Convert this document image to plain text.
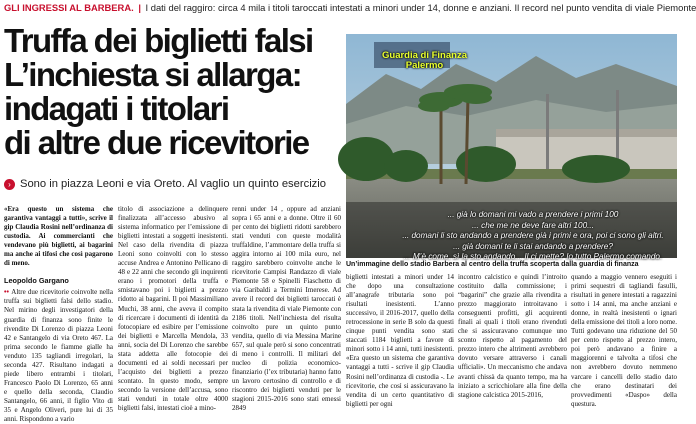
GLI INGRESSI AL BARBERA. | I dati del raggiro: circa 4 mila i titoli taroccati intestati a minori under 14, donne e anziani. Il record nel punto vendita di viale Piemonte
Truffa dei biglietti falsi
L’inchiesta si allarga:
indagati i titolari
di altre due ricevitorie
› Sono in piazza Leoni e via Oreto. Al vaglio un quinto esercizio
Guardia di Finanza
Palermo
... già lo domani mi vado a prendere i primi 100
... che me ne deve fare altri 100...
... domani li sto andando a prendere già i primi e ora, poi ci sono gli altri.
... già domani te li stai andando a prendere?
... M’è come, sì la sto andando... Il ci mette? Io tutto Palermo comando.
Un’immagine dello stadio Barbera al centro della truffa scoperta dalla guardia di finanza

«Era questo un sistema che garantiva vantaggi a tutti», scrive il gip Claudia Rosini nell’ordinanza di custodia. Ai commercianti che vendevano più biglietti, ai bagarini ma anche ai tifosi che così pagarono di meno.

Leopoldo Gargano

•• Altre due ricevitorie coinvolte nella truffa sui biglietti falsi dello stadio. Nel mirino degli investigatori della guardia di finanza sono finite le rivendite Di Lorenzo di piazza Leoni 42 e Santangelo di via Oreto 467. La prima secondo le fiamme gialle ha venduto 135 tagliandi irregolari, la seconda 427. Risultano indagati a piede libero entrambi i titolari, Francesco Paolo Di Lorenzo, 65 anni e quello della seconda, Claudio Santangelo, 66 anni, il figlio Vito di 35 e Angelo Oliveri, pure lui di 35 anni. Rispondono a vario

titolo di associazione a delinquere finalizzata all’accesso abusivo al sistema informatico per l’emissione di biglietti intestati a soggetti inesistenti. Nel caso della rivendita di piazza Leoni sono coinvolti con lo stesso accuse Andrea e Antonino Pellicano di 48 e 22 anni che secondo gli inquirenti erano i promotori della truffa e smistavano poi i biglietti a prezzo ridotto ai bagarini. Il poi Massimiliano Muchi, 38 anni, che aveva il compito di ricercare i documenti di identità da fotocopiare ed esibire per l’emissione dei biglietti e Marcella Mendola, 33 anni, socia del Di Lorenzo che sarebbe stata addetta alle fotocopie dei documenti ed ai soldi necessari per l’acquisto dei biglietti a prezzo scontato. In questo modo, sempre secondo la versione dell’accusa, sono stati venduti in totale oltre 4000 biglietti falsi, intestati cioè a mino-

renni under 14 , oppure ad anziani sopra i 65 anni e a donne. Oltre il 60 per cento dei biglietti ridotti sarebbero stati venduti con queste modalità truffaldine, l’ammontare della truffa si aggira intorno ai 100 mila euro, nel raggiro sarebbero coinvolte anche le ricevitorie Campisi Randazzo di viale Piemonte 58 e Spinelli Fiaschetto di via Garibaldi a Termini Imerese. Ad avere il record dei biglietti taroccati è stata la rivendita di viale Piemonte con 2186 titoli. Nell’inchiesta del risulta coinvolto pure un quinto punto vendita, quello di via Messina Marine 657, sul quale però si sono concentrati di meno i controlli. Il militari del nucleo di polizia economico-finanziario (l’ex tributaria) hanno fatto un lavoro certosino di controllo e di riscontro dei biglietti venduti per le stagioni 2015-2016 sono stati emessi 2849

biglietti intestati a minori under 14 che dopo una consultazione all’anagrafe tributaria sono poi risultati inesistenti. L’anno successivo, il 2016-2017, quello della retrocessione in serie B solo da questi cinque punti vendita sono stati staccati 1184 biglietti a favore di minori sotto i 14 anni, tutti inesistenti. «Era questo un sistema che garantiva vantaggi a tutti - scrive il gip Claudia Rosini nell’ordinanza di custodia -. Le ricevitorie, che così si assicuravano la vendita di un certo quantitativo di biglietti per ogni

incontro calcistico e quindi l’introito costituito dalla commissione; i “bagarini” che grazie alla rivendita a prezzo maggiorato introitavano i conseguenti profitti, gli acquirenti finali ai quali i titoli erano rivenduti che si assicuravano comunque uno sconto rispetto al pagamento del prezzo intero che altrimenti avrebbero dovuto versare attraverso i canali ufficiali». Un meccanismo che andava avanti chissà da quanto tempo, ma ha iniziato a scricchiolare alla fine della stagione calcistica 2015-2016,

quando a maggio vennero eseguiti i primi sequestri di tagliandi fasulli, risultati in genere intestati a ragazzini sotto i 14 anni, ma anche anziani e donne, in realtà inesistenti o ignari della emissione dei titoli a loro nome. Tutti godevano una riduzione del 50 per cento rispetto al prezzo intero, poi però andavano a finire a maggiorenni e talvolta a tifosi che non avrebbero dovuto nemmeno varcare i cancelli dello stadio dato che erano destinatari dei provvedimenti «Daspo» della questura.
